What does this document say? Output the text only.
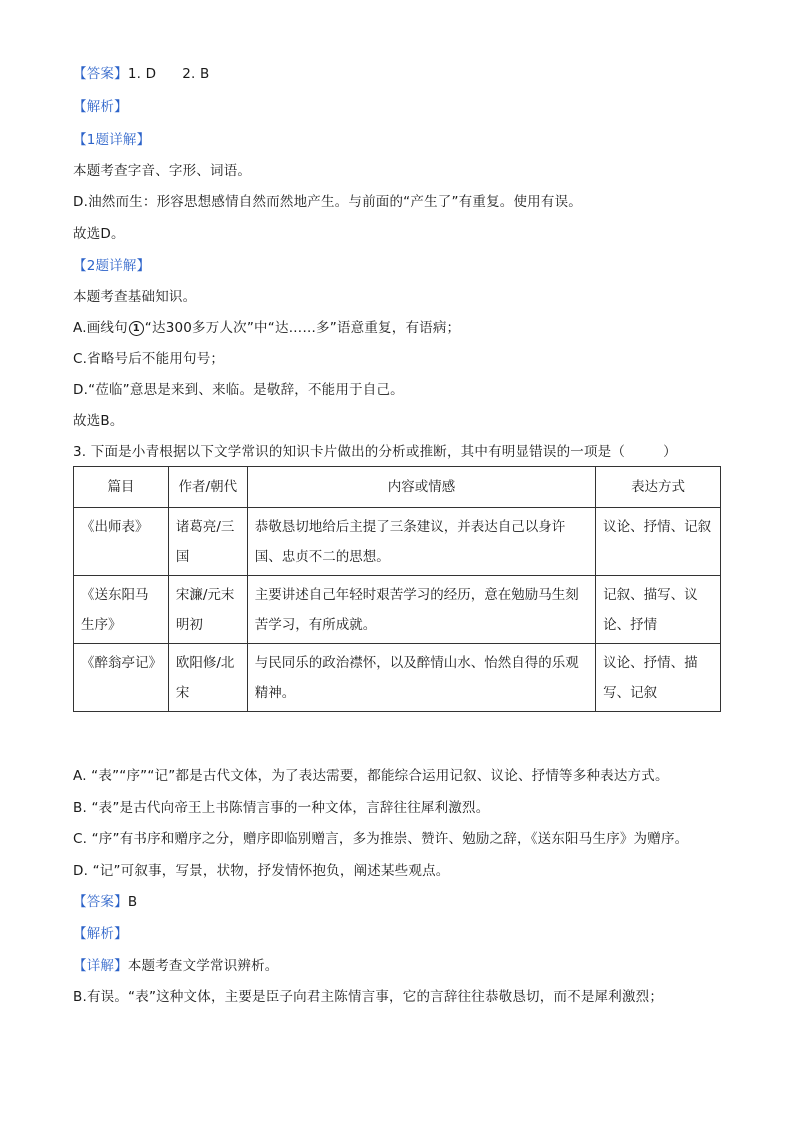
【答案】1. D 2. B
【解析】
【1题详解】
本题考查字音、字形、词语。
D.油然而生：形容思想感情自然而然地产生。与前面的“产生了”有重复。使用有误。
故选D。
【2题详解】
本题考查基础知识。
A.画线句 1 “达300多万人次”中“达……多”语意重复，有语病；
C.省略号后不能用句号；
D.“莅临”意思是来到、来临。是敬辞，不能用于自己。
故选B。
3. 下面是小青根据以下文学常识的知识卡片做出的分析或推断，其中有明显错误的一项是（	）
篇目	作者/朝代	内容或情感	表达方式
《出师表》	诸葛亮/三国	恭敬恳切地给后主提了三条建议，并表达自己以身许国、忠贞不二的思想。	议论、抒情、记叙
《送东阳马生序》	宋濂/元末明初	主要讲述自己年轻时艰苦学习的经历，意在勉励马生刻苦学习，有所成就。	记叙、描写、议论、抒情
《醉翁亭记》	欧阳修/北宋	与民同乐的政治襟怀，以及醉情山水、怡然自得的乐观精神。	议论、抒情、描写、记叙
A. “表”“序”“记”都是古代文体，为了表达需要，都能综合运用记叙、议论、抒情等多种表达方式。
B. “表”是古代向帝王上书陈情言事的一种文体，言辞往往犀利激烈。
C. “序”有书序和赠序之分，赠序即临别赠言，多为推崇、赞许、勉励之辞，《送东阳马生序》为赠序。
D. “记”可叙事，写景，状物，抒发情怀抱负，阐述某些观点。
【答案】B
【解析】
【详解】本题考查文学常识辨析。
B.有误。“表”这种文体，主要是臣子向君主陈情言事，它的言辞往往恭敬恳切，而不是犀利激烈；
